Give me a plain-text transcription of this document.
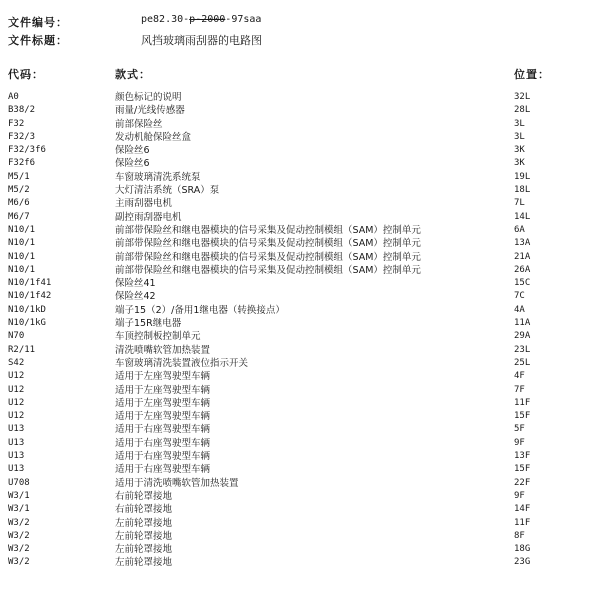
文件编号：	pe82.30-p-2000-97saa
文件标题：	风挡玻璃雨刮器的电路图
代码：	款式：	位置：
A0	颜色标记的说明	32L
B38/2	雨量/光线传感器	28L
F32	前部保险丝	3L
F32/3	发动机舱保险丝盒	3L
F32/3f6	保险丝6	3K
F32f6	保险丝6	3K
M5/1	车窗玻璃清洗系统泵	19L
M5/2	大灯清洁系统（SRA）泵	18L
M6/6	主雨刮器电机	7L
M6/7	副控雨刮器电机	14L
N10/1	前部带保险丝和继电器模块的信号采集及促动控制模组（SAM）控制单元	6A
N10/1	前部带保险丝和继电器模块的信号采集及促动控制模组（SAM）控制单元	13A
N10/1	前部带保险丝和继电器模块的信号采集及促动控制模组（SAM）控制单元	21A
N10/1	前部带保险丝和继电器模块的信号采集及促动控制模组（SAM）控制单元	26A
N10/1f41	保险丝41	15C
N10/1f42	保险丝42	7C
N10/1kD	端子15（2）/备用1继电器（转换接点）	4A
N10/1kG	端子15R继电器	11A
N70	车顶控制板控制单元	29A
R2/11	清洗喷嘴软管加热装置	23L
S42	车窗玻璃清洗装置液位指示开关	25L
U12	适用于左座驾驶型车辆	4F
U12	适用于左座驾驶型车辆	7F
U12	适用于左座驾驶型车辆	11F
U12	适用于左座驾驶型车辆	15F
U13	适用于右座驾驶型车辆	5F
U13	适用于右座驾驶型车辆	9F
U13	适用于右座驾驶型车辆	13F
U13	适用于右座驾驶型车辆	15F
U708	适用于清洗喷嘴软管加热装置	22F
W3/1	右前轮罩接地	9F
W3/1	右前轮罩接地	14F
W3/2	左前轮罩接地	11F
W3/2	左前轮罩接地	8F
W3/2	左前轮罩接地	18G
W3/2	左前轮罩接地	23G
